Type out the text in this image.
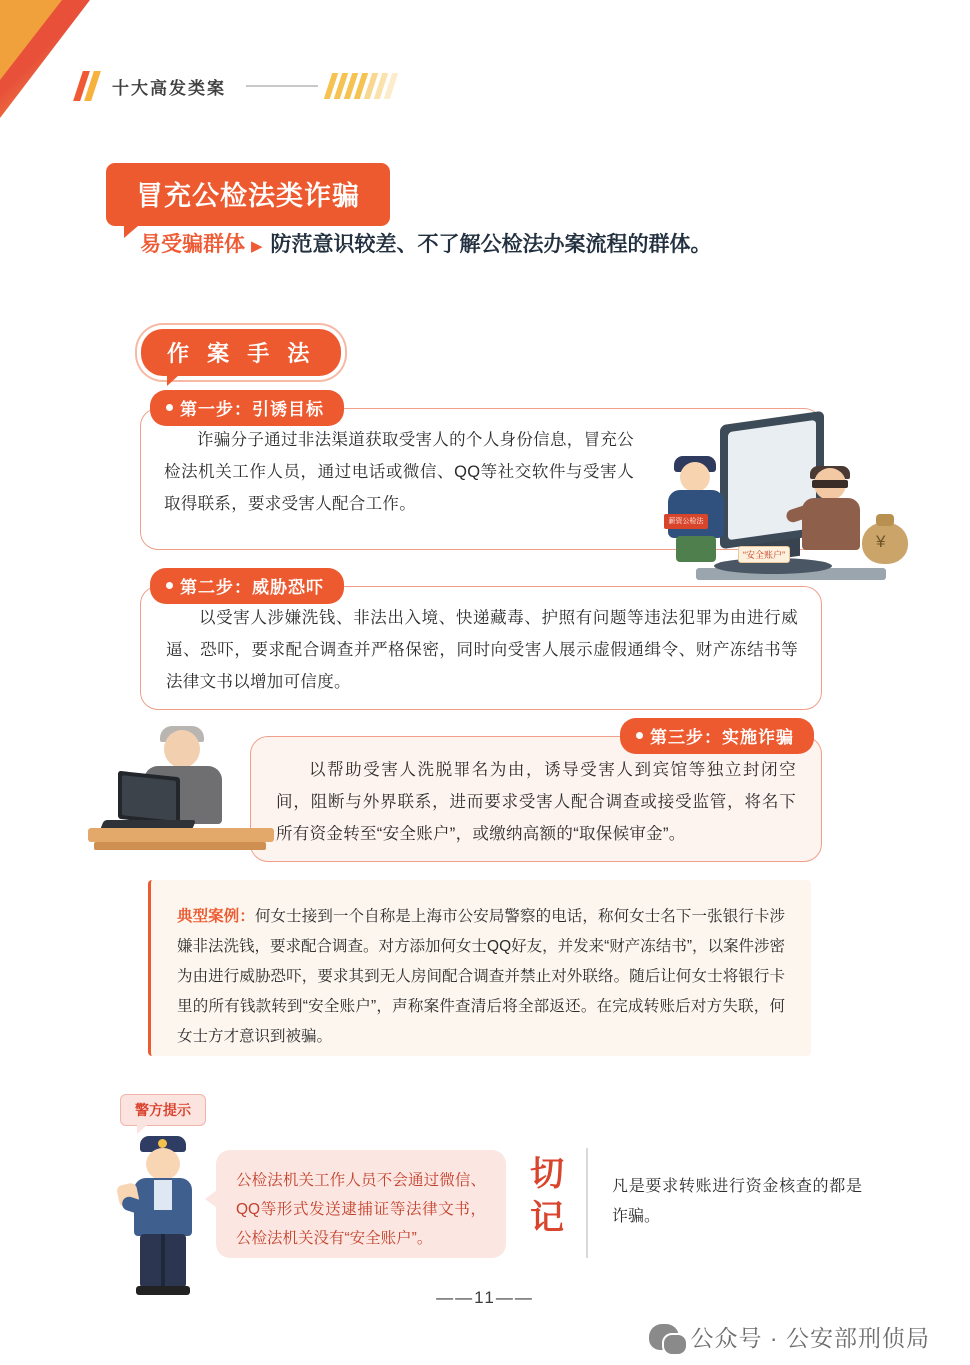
十大高发类案
冒充公检法类诈骗
易受骗群体 ▶ 防范意识较差、不了解公检法办案流程的群体。
作 案 手 法
第一步：引诱目标
诈骗分子通过非法渠道获取受害人的个人身份信息，冒充公检法机关工作人员，通过电话或微信、QQ等社交软件与受害人取得联系，要求受害人配合工作。
薪资公检法
¥
“安全账户”
第二步：威胁恐吓
以受害人涉嫌洗钱、非法出入境、快递藏毒、护照有问题等违法犯罪为由进行威逼、恐吓，要求配合调查并严格保密，同时向受害人展示虚假通缉令、财产冻结书等法律文书以增加可信度。
第三步：实施诈骗
以帮助受害人洗脱罪名为由，诱导受害人到宾馆等独立封闭空间，阻断与外界联系，进而要求受害人配合调查或接受监管，将名下所有资金转至“安全账户”，或缴纳高额的“取保候审金”。
典型案例：何女士接到一个自称是上海市公安局警察的电话，称何女士名下一张银行卡涉嫌非法洗钱，要求配合调查。对方添加何女士QQ好友，并发来“财产冻结书”，以案件涉密为由进行威胁恐吓，要求其到无人房间配合调查并禁止对外联络。随后让何女士将银行卡里的所有钱款转到“安全账户”，声称案件查清后将全部返还。在完成转账后对方失联，何女士方才意识到被骗。
警方提示

公检法机关工作人员不会通过微信、QQ等形式发送逮捕证等法律文书，公检法机关没有“安全账户”。

切记
凡是要求转账进行资金核查的都是诈骗。
——11——
公众号 · 公安部刑侦局
